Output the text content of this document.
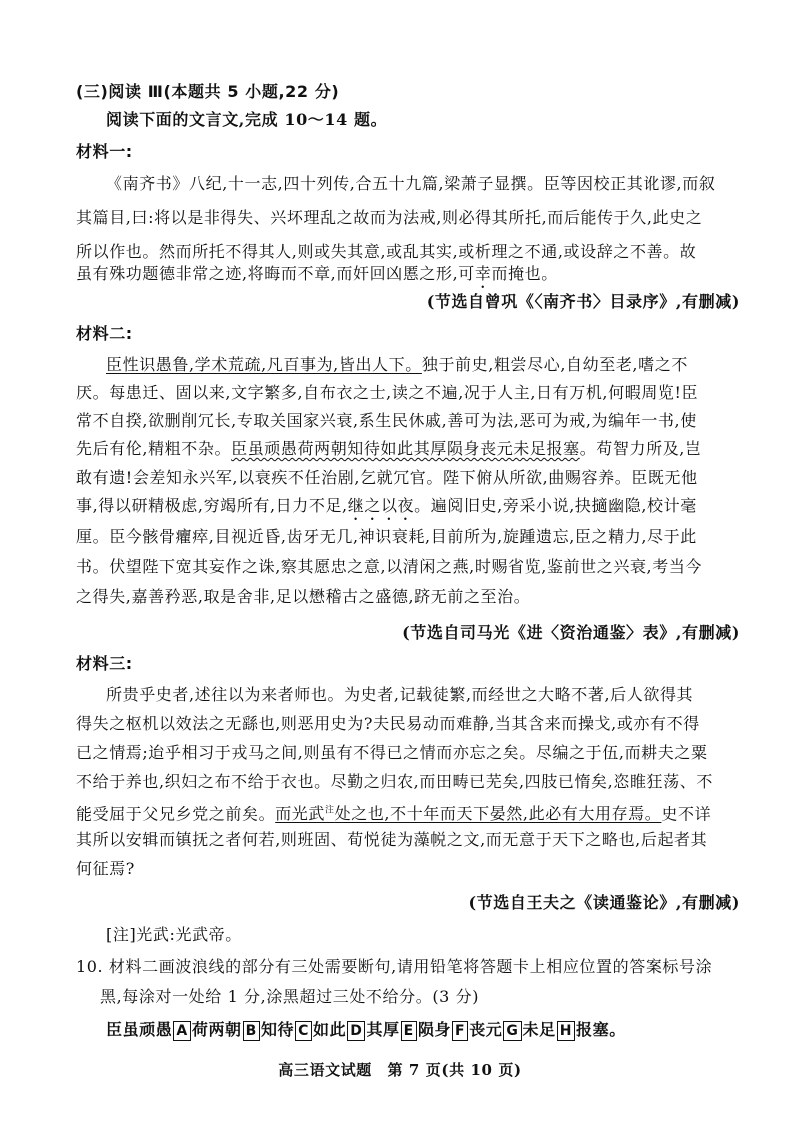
(三)阅读 Ⅲ(本题共 5 小题,22 分)
阅读下面的文言文,完成 10～14 题。
材料一:
《南齐书》八纪,十一志,四十列传,合五十九篇,梁萧子显撰。臣等因校正其讹谬,而叙
其篇目,曰:将以是非得失、兴坏理乱之故而为法戒,则必得其所托,而后能传于久,此史之
所以作也。然而所托不得其人,则或失其意,或乱其实,或析理之不通,或设辞之不善。故
虽有殊功题德非常之迹,将晦而不章,而奸回凶慝之形,可幸而掩也。
(节选自曾巩《〈南齐书〉目录序》,有删减)
材料二:
臣性识愚鲁,学术荒疏,凡百事为,皆出人下。独于前史,粗尝尽心,自幼至老,嗜之不
厌。每患迁、固以来,文字繁多,自布衣之士,读之不遍,况于人主,日有万机,何暇周览!臣
常不自揆,欲删削冗长,专取关国家兴衰,系生民休戚,善可为法,恶可为戒,为编年一书,使
先后有伦,精粗不杂。臣虽顽愚荷两朝知待如此其厚陨身丧元未足报塞。苟智力所及,岂
敢有遗!会差知永兴军,以衰疾不任治剧,乞就冗官。陛下俯从所欲,曲赐容养。臣既无他
事,得以研精极虑,穷竭所有,日力不足,继之以夜。遍阅旧史,旁采小说,抉擿幽隐,校计毫
厘。臣今骸骨癯瘁,目视近昏,齿牙无几,神识衰耗,目前所为,旋踵遗忘,臣之精力,尽于此
书。伏望陛下宽其妄作之诛,察其愿忠之意,以清闲之燕,时赐省览,鉴前世之兴衰,考当今
之得失,嘉善矜恶,取是舍非,足以懋稽古之盛德,跻无前之至治。
(节选自司马光《进〈资治通鉴〉表》,有删减)
材料三:
所贵乎史者,述往以为来者师也。为史者,记载徒繁,而经世之大略不著,后人欲得其
得失之枢机以效法之无繇也,则恶用史为?夫民易动而难静,当其含来而操戈,或亦有不得
已之情焉;迨乎相习于戎马之间,则虽有不得已之情而亦忘之矣。尽编之于伍,而耕夫之粟
不给于养也,织妇之布不给于衣也。尽勤之归农,而田畴已芜矣,四肢已惰矣,恣睢狂荡、不
能受屈于父兄乡党之前矣。而光武$^注$处之也,不十年而天下晏然,此必有大用存焉。史不详
其所以安辑而镇抚之者何若,则班固、荀悦徒为藻帨之文,而无意于天下之略也,后起者其
何征焉?
(节选自王夫之《读通鉴论》,有删减)
[注]光武:光武帝。
10. 材料二画波浪线的部分有三处需要断句,请用铅笔将答题卡上相应位置的答案标号涂
黑,每涂对一处给 1 分,涂黑超过三处不给分。(3 分)
臣虽顽愚 A 荷两朝 B 知待 C 如此 D 其厚 E 陨身 F 丧元 G 未足 H 报塞。
高三语文试题　第 7 页(共 10 页)
